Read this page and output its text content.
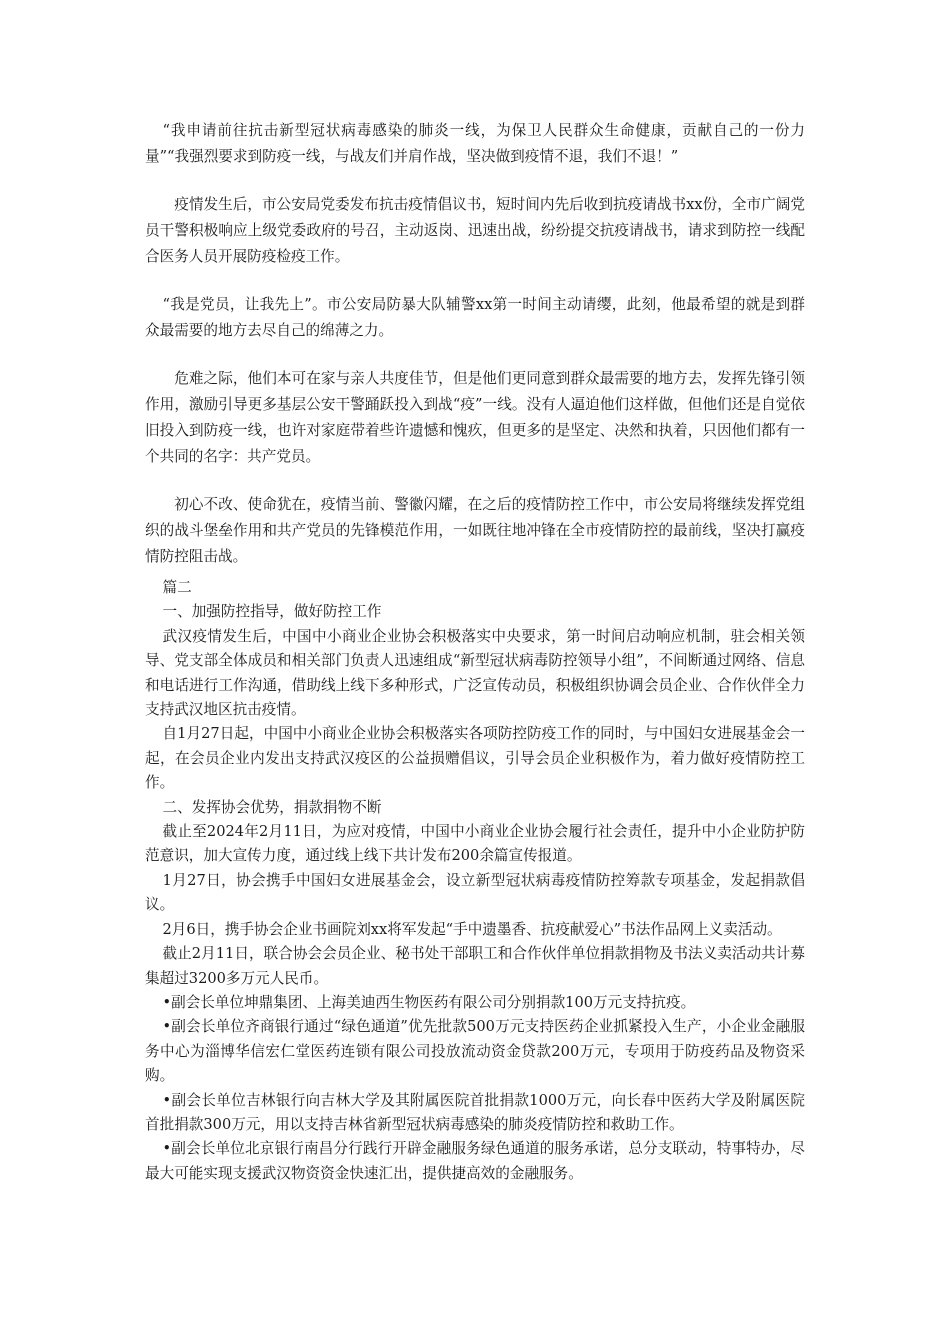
“我申请前往抗击新型冠状病毒感染的肺炎一线，为保卫人民群众生命健康，贡献自己的一份力量”“我强烈要求到防疫一线，与战友们并肩作战，坚决做到疫情不退，我们不退！”

疫情发生后，市公安局党委发布抗击疫情倡议书，短时间内先后收到抗疫请战书xx份，全市广阔党员干警积极响应上级党委政府的号召，主动返岗、迅速出战，纷纷提交抗疫请战书，请求到防控一线配合医务人员开展防疫检疫工作。

“我是党员，让我先上”。市公安局防暴大队辅警xx第一时间主动请缨，此刻，他最希望的就是到群众最需要的地方去尽自己的绵薄之力。

危难之际，他们本可在家与亲人共度佳节，但是他们更同意到群众最需要的地方去，发挥先锋引领作用，激励引导更多基层公安干警踊跃投入到战“疫”一线。没有人逼迫他们这样做，但他们还是自觉依旧投入到防疫一线，也许对家庭带着些许遗憾和愧疚，但更多的是坚定、决然和执着，只因他们都有一个共同的名字：共产党员。

初心不改、使命犹在，疫情当前、警徽闪耀，在之后的疫情防控工作中，市公安局将继续发挥党组织的战斗堡垒作用和共产党员的先锋模范作用，一如既往地冲锋在全市疫情防控的最前线，坚决打赢疫情防控阻击战。

篇二

一、加强防控指导，做好防控工作

武汉疫情发生后，中国中小商业企业协会积极落实中央要求，第一时间启动响应机制，驻会相关领导、党支部全体成员和相关部门负责人迅速组成“新型冠状病毒防控领导小组”，不间断通过网络、信息和电话进行工作沟通，借助线上线下多种形式，广泛宣传动员，积极组织协调会员企业、合作伙伴全力支持武汉地区抗击疫情。

自1月27日起，中国中小商业企业协会积极落实各项防控防疫工作的同时，与中国妇女进展基金会一起，在会员企业内发出支持武汉疫区的公益损赠倡议，引导会员企业积极作为，着力做好疫情防控工作。

二、发挥协会优势，捐款捐物不断

截止至2024年2月11日，为应对疫情，中国中小商业企业协会履行社会责任，提升中小企业防护防范意识，加大宣传力度，通过线上线下共计发布200余篇宣传报道。

1月27日，协会携手中国妇女进展基金会，设立新型冠状病毒疫情防控筹款专项基金，发起捐款倡议。

2月6日，携手协会企业书画院刘xx将军发起“手中遗墨香、抗疫献爱心”书法作品网上义卖活动。

截止2月11日，联合协会会员企业、秘书处干部职工和合作伙伴单位捐款捐物及书法义卖活动共计募集超过3200多万元人民币。

•副会长单位坤鼎集团、上海美迪西生物医药有限公司分别捐款100万元支持抗疫。

•副会长单位齐商银行通过“绿色通道”优先批款500万元支持医药企业抓紧投入生产，小企业金融服务中心为淄博华信宏仁堂医药连锁有限公司投放流动资金贷款200万元，专项用于防疫药品及物资采购。

•副会长单位吉林银行向吉林大学及其附属医院首批捐款1000万元，向长春中医药大学及附属医院首批捐款300万元，用以支持吉林省新型冠状病毒感染的肺炎疫情防控和救助工作。

•副会长单位北京银行南昌分行践行开辟金融服务绿色通道的服务承诺，总分支联动，特事特办，尽最大可能实现支援武汉物资资金快速汇出，提供捷高效的金融服务。
